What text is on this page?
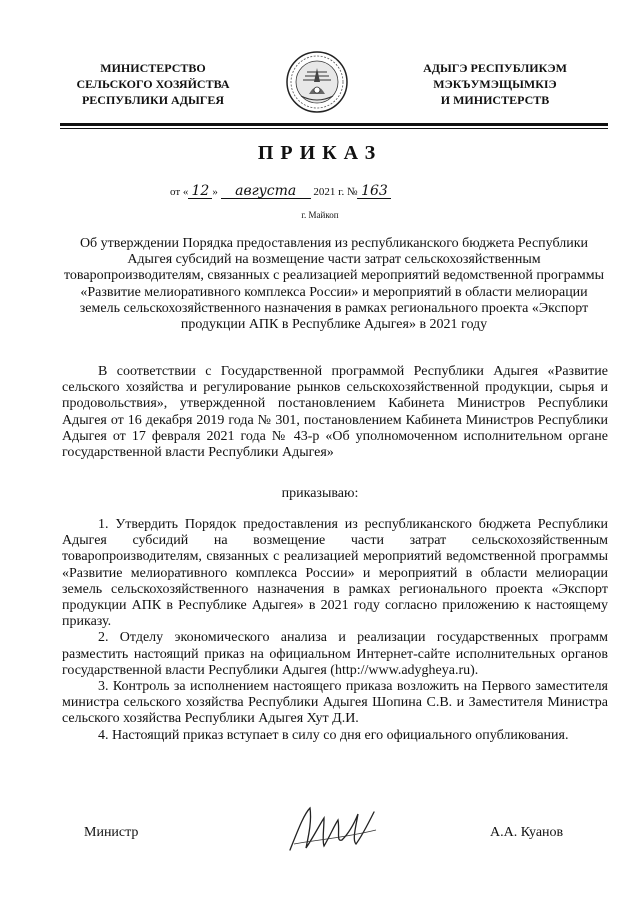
МИНИСТЕРСТВО
СЕЛЬСКОГО ХОЗЯЙСТВА
РЕСПУБЛИКИ АДЫГЕЯ
АДЫГЭ РЕСПУБЛИКЭМ
МЭКЪУМЭЩЫМКIЭ
И МИНИСТЕРСТВ
ПРИКАЗ
от « 12 » августа 2021 г. № 163
г. Майкоп
Об утверждении Порядка предоставления из республиканского бюджета Республики Адыгея субсидий на возмещение части затрат сельскохозяйственным товаропроизводителям, связанных с реализацией мероприятий ведомственной программы «Развитие мелиоративного комплекса России» и мероприятий в области мелиорации земель сельскохозяйственного назначения в рамках регионального проекта «Экспорт продукции АПК в Республике Адыгея» в 2021 году
В соответствии с Государственной программой Республики Адыгея «Развитие сельского хозяйства и регулирование рынков сельскохозяйственной продукции, сырья и продовольствия», утвержденной постановлением Кабинета Министров Республики Адыгея от 16 декабря 2019 года № 301, постановлением Кабинета Министров Республики Адыгея от 17 февраля 2021 года № 43-р «Об уполномоченном исполнительном органе государственной власти Республики Адыгея»
приказываю:

1. Утвердить Порядок предоставления из республиканского бюджета Республики Адыгея субсидий на возмещение части затрат сельскохозяйственным товаропроизводителям, связанных с реализацией мероприятий ведомственной программы «Развитие мелиоративного комплекса России» и мероприятий в области мелиорации земель сельскохозяйственного назначения в рамках регионального проекта «Экспорт продукции АПК в Республике Адыгея» в 2021 году согласно приложению к настоящему приказу.

2. Отделу экономического анализа и реализации государственных программ разместить настоящий приказ на официальном Интернет-сайте исполнительных органов государственной власти Республики Адыгея (http://www.adygheya.ru).

3. Контроль за исполнением настоящего приказа возложить на Первого заместителя министра сельского хозяйства Республики Адыгея Шопина С.В. и Заместителя Министра сельского хозяйства Республики Адыгея Хут Д.И.

4. Настоящий приказ вступает в силу со дня его официального опубликования.

Министр	А.А. Куанов
